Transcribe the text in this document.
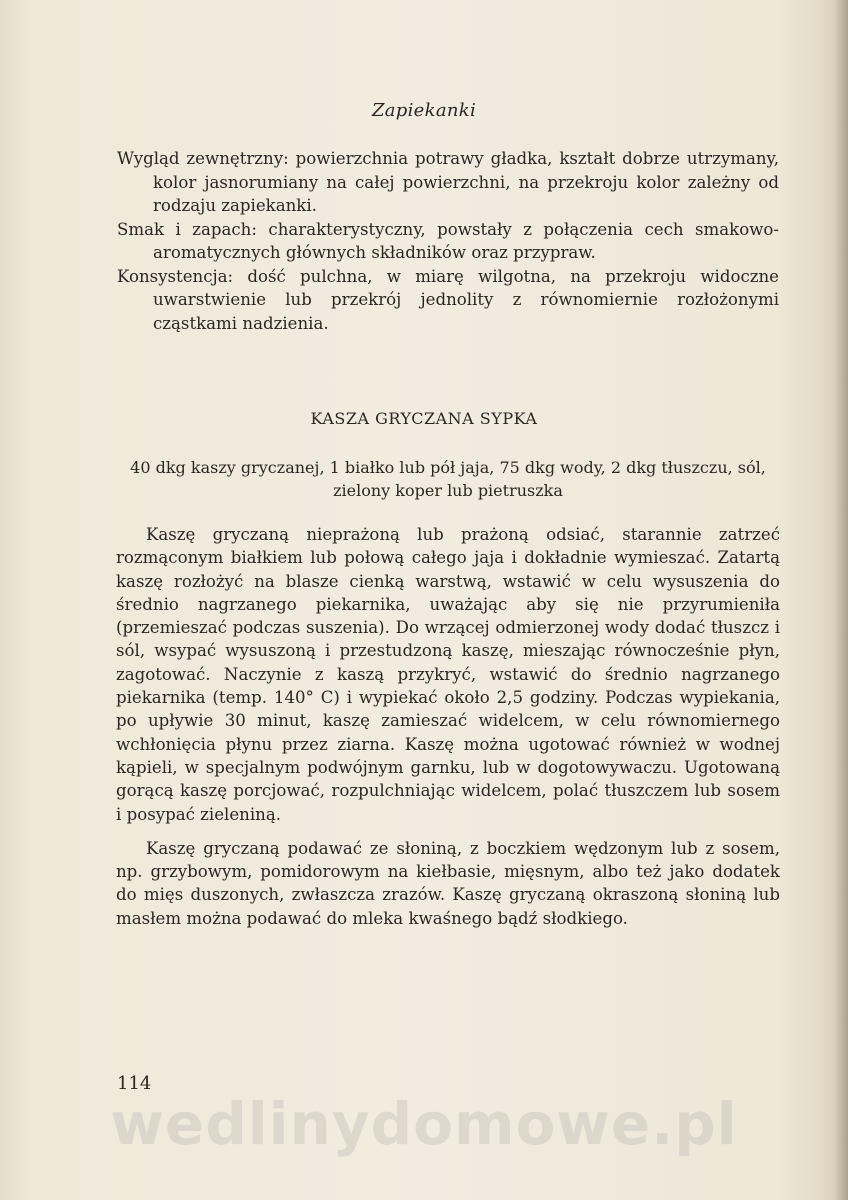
Zapiekanki

Wygląd zewnętrzny: powierzchnia potrawy gładka, kształt dobrze utrzymany, kolor jasnorumiany na całej powierzchni, na przekroju kolor zależny od rodzaju zapiekanki.

Smak i zapach: charakterystyczny, powstały z połączenia cech smakowo-aromatycznych głównych składników oraz przypraw.

Konsystencja: dość pulchna, w miarę wilgotna, na przekroju widoczne uwarstwienie lub przekrój jednolity z równomiernie rozłożonymi cząstkami nadzienia.

KASZA GRYCZANA SYPKA
40 dkg kaszy gryczanej, 1 białko lub pół jaja, 75 dkg wody, 2 dkg tłuszczu, sól, zielony koper lub pietruszka

Kaszę gryczaną nieprażoną lub prażoną odsiać, starannie zatrzeć rozmąconym białkiem lub połową całego jaja i dokładnie wymieszać. Zatartą kaszę rozłożyć na blasze cienką warstwą, wstawić w celu wysuszenia do średnio nagrzanego piekarnika, uważając aby się nie przyrumieniła (przemieszać podczas suszenia). Do wrzącej odmierzonej wody dodać tłuszcz i sól, wsypać wysuszoną i przestudzoną kaszę, mieszając równocześnie płyn, zagotować. Naczynie z kaszą przykryć, wstawić do średnio nagrzanego piekarnika (temp. 140° C) i wypiekać około 2,5 godziny. Podczas wypiekania, po upływie 30 minut, kaszę zamieszać widelcem, w celu równomiernego wchłonięcia płynu przez ziarna. Kaszę można ugotować również w wodnej kąpieli, w specjalnym podwójnym garnku, lub w dogotowywaczu. Ugotowaną gorącą kaszę porcjować, rozpulchniając widelcem, polać tłuszczem lub sosem i posypać zieleniną.

Kaszę gryczaną podawać ze słoniną, z boczkiem wędzonym lub z sosem, np. grzybowym, pomidorowym na kiełbasie, mięsnym, albo też jako dodatek do mięs duszonych, zwłaszcza zrazów. Kaszę gryczaną okraszoną słoniną lub masłem można podawać do mleka kwaśnego bądź słodkiego.

114
wedlinydomowe.pl
